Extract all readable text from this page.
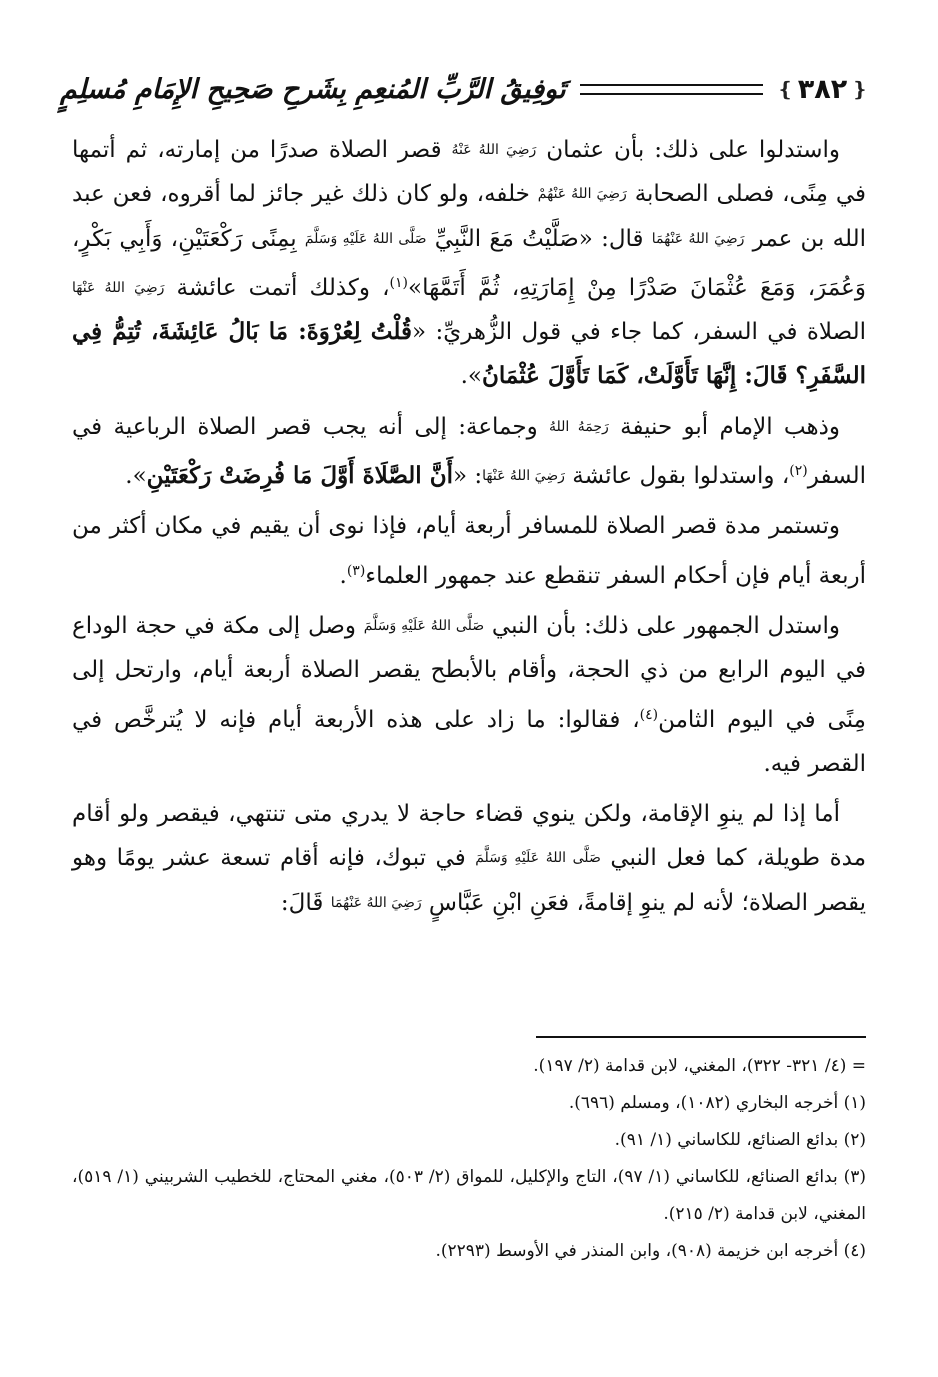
❴
٣٨٢
❵
تَوفِيقُ الرَّبِّ المُنعِمِ بِشَرحِ صَحِيحِ الإِمَامِ مُسلِمٍ

واستدلوا على ذلك: بأن عثمان رَضِيَ اللهُ عَنْهُ قصر الصلاة صدرًا من إمارته، ثم أتمها في مِنًى، فصلى الصحابة رَضِيَ اللهُ عَنْهُمْ خلفه، ولو كان ذلك غير جائز لما أقروه، فعن عبد الله بن عمر رَضِيَ اللهُ عَنْهُمَا قال: «صَلَّيْتُ مَعَ النَّبِيِّ صَلَّى اللهُ عَلَيْهِ وَسَلَّمَ بِمِنًى رَكْعَتَيْنِ، وَأَبِي بَكْرٍ، وَعُمَرَ، وَمَعَ عُثْمَانَ صَدْرًا مِنْ إِمَارَتِهِ، ثُمَّ أَتَمَّهَا»$^{(١)}$، وكذلك أتمت عائشة رَضِيَ اللهُ عَنْهَا الصلاة في السفر، كما جاء في قول الزُّهريِّ: «قُلْتُ لِعُرْوَةَ: مَا بَالُ عَائِشَةَ، تُتِمُّ فِي السَّفَرِ؟ قَالَ: إِنَّهَا تَأَوَّلَتْ، كَمَا تَأَوَّلَ عُثْمَانُ».

وذهب الإمام أبو حنيفة رَحِمَهُ اللهُ وجماعة: إلى أنه يجب قصر الصلاة الرباعية في السفر$^{(٢)}$، واستدلوا بقول عائشة رَضِيَ اللهُ عَنْهَا: «أَنَّ الصَّلَاةَ أَوَّلَ مَا فُرِضَتْ رَكْعَتَيْنِ».

وتستمر مدة قصر الصلاة للمسافر أربعة أيام، فإذا نوى أن يقيم في مكان أكثر من أربعة أيام فإن أحكام السفر تنقطع عند جمهور العلماء$^{(٣)}$.

واستدل الجمهور على ذلك: بأن النبي صَلَّى اللهُ عَلَيْهِ وَسَلَّمَ وصل إلى مكة في حجة الوداع في اليوم الرابع من ذي الحجة، وأقام بالأبطح يقصر الصلاة أربعة أيام، وارتحل إلى مِنًى في اليوم الثامن$^{(٤)}$، فقالوا: ما زاد على هذه الأربعة أيام فإنه لا يُترخَّص في القصر فيه.

أما إذا لم ينوِ الإقامة، ولكن ينوي قضاء حاجة لا يدري متى تنتهي، فيقصر ولو أقام مدة طويلة، كما فعل النبي صَلَّى اللهُ عَلَيْهِ وَسَلَّمَ في تبوك، فإنه أقام تسعة عشر يومًا وهو يقصر الصلاة؛ لأنه لم ينوِ إقامةً، فعَنِ ابْنِ عَبَّاسٍ رَضِيَ اللهُ عَنْهُمَا قَالَ:

= (٤/ ٣٢١- ٣٢٢)، المغني، لابن قدامة (٢/ ١٩٧).

(١) أخرجه البخاري (١٠٨٢)، ومسلم (٦٩٦).

(٢) بدائع الصنائع، للكاساني (١/ ٩١).

(٣) بدائع الصنائع، للكاساني (١/ ٩٧)، التاج والإكليل، للمواق (٢/ ٥٠٣)، مغني المحتاج، للخطيب الشربيني (١/ ٥١٩)، المغني، لابن قدامة (٢/ ٢١٥).

(٤) أخرجه ابن خزيمة (٩٠٨)، وابن المنذر في الأوسط (٢٢٩٣).
